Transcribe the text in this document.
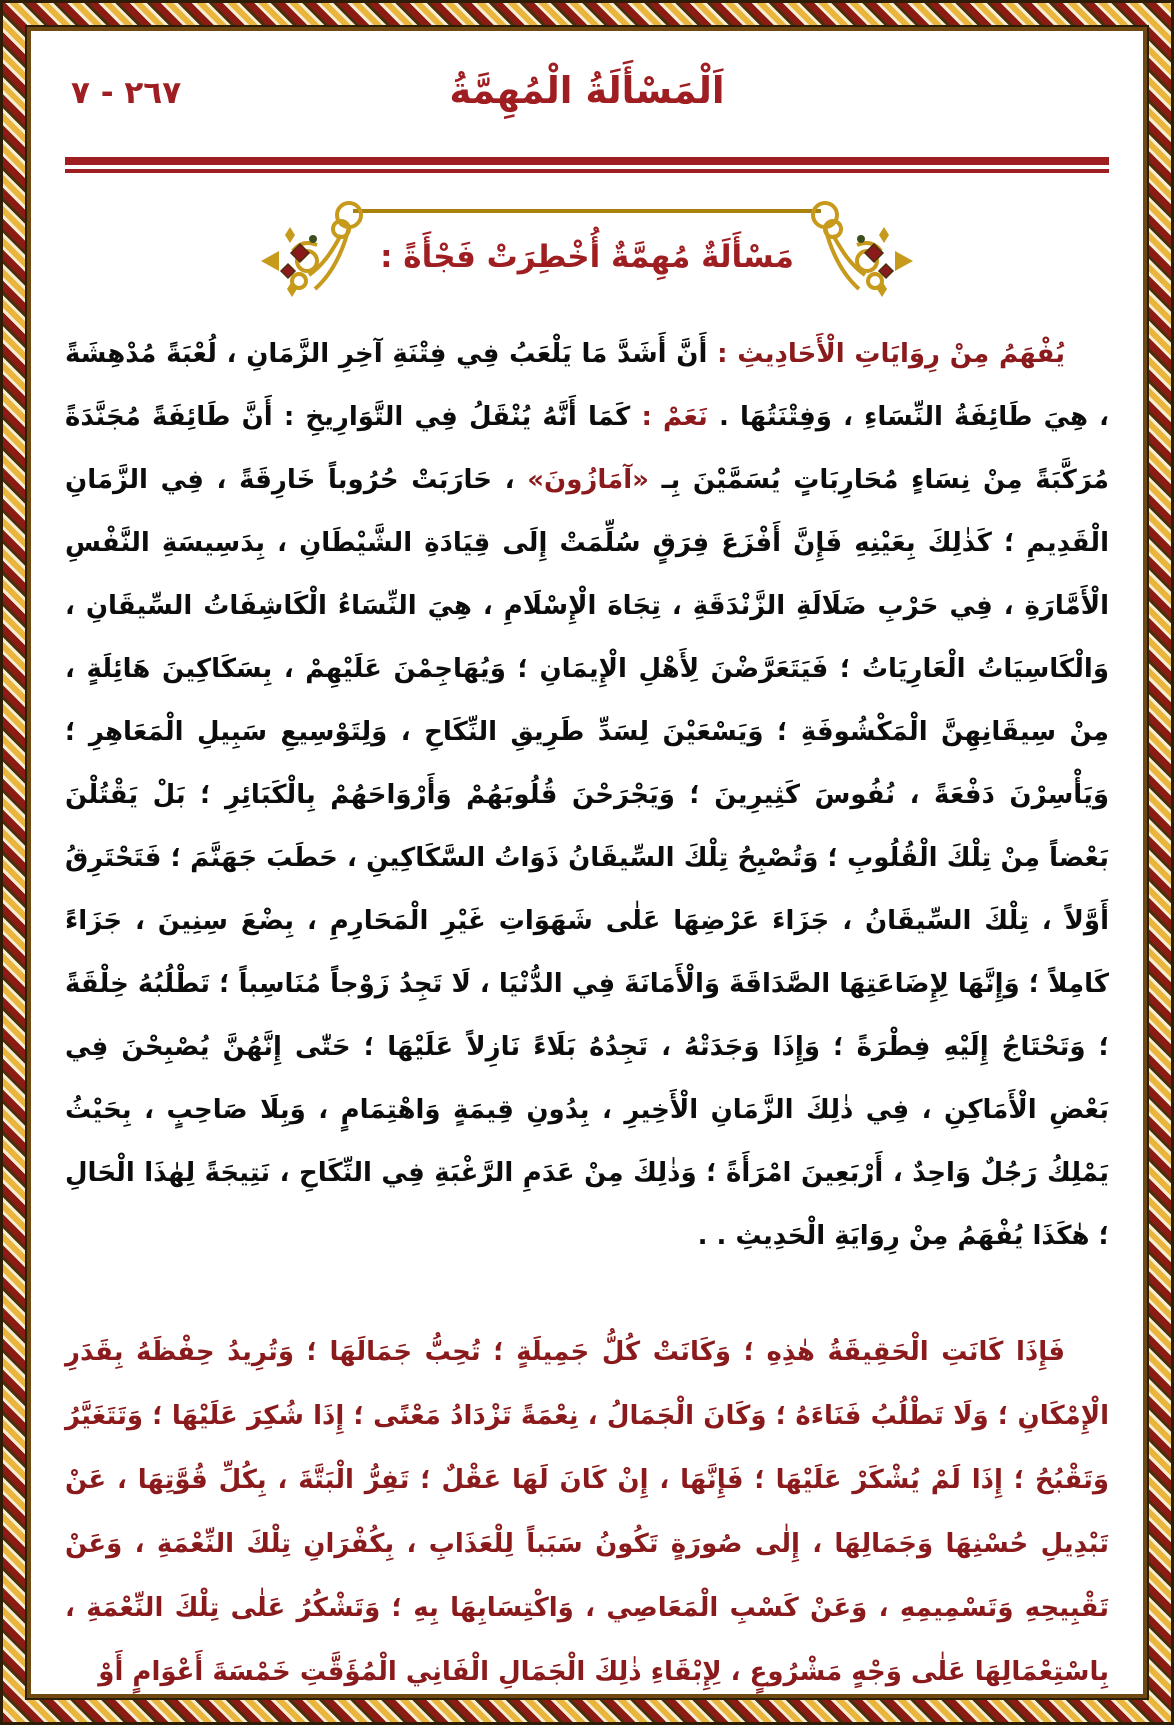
٢٦٧ - ٧	اَلْمَسْأَلَةُ الْمُهِمَّةُ
مَسْأَلَةٌ مُهِمَّةٌ أُخْطِرَتْ فَجْأَةً :

يُفْهَمُ مِنْ رِوَايَاتِ الْأَحَادِيثِ : أَنَّ أَشَدَّ مَا يَلْعَبُ فِي فِتْنَةِ آخِرِ الزَّمَانِ ، لُعْبَةً مُدْهِشَةً ، هِيَ طَائِفَةُ النِّسَاءِ ، وَفِتْنَتُهَا . نَعَمْ : كَمَا أَنَّهُ يُنْقَلُ فِي التَّوَارِيخِ : أَنَّ طَائِفَةً مُجَنَّدَةً مُرَكَّبَةً مِنْ نِسَاءٍ مُحَارِبَاتٍ يُسَمَّيْنَ بِـ «آمَازُونَ» ، حَارَبَتْ حُرُوباً خَارِقَةً ، فِي الزَّمَانِ الْقَدِيمِ ؛ كَذٰلِكَ بِعَيْنِهِ فَإِنَّ أَفْزَعَ فِرَقٍ سُلِّمَتْ إِلَى قِيَادَةِ الشَّيْطَانِ ، بِدَسِيسَةِ النَّفْسِ الْأَمَّارَةِ ، فِي حَرْبِ ضَلَالَةِ الزَّنْدَقَةِ ، تِجَاهَ الْإِسْلَامِ ، هِيَ النِّسَاءُ الْكَاشِفَاتُ السِّيقَانِ ، وَالْكَاسِيَاتُ الْعَارِيَاتُ ؛ فَيَتَعَرَّضْنَ لِأَهْلِ الْإِيمَانِ ؛ وَيُهَاجِمْنَ عَلَيْهِمْ ، بِسَكَاكِينَ هَائِلَةٍ ، مِنْ سِيقَانِهِنَّ الْمَكْشُوفَةِ ؛ وَيَسْعَيْنَ لِسَدِّ طَرِيقِ النِّكَاحِ ، وَلِتَوْسِيعِ سَبِيلِ الْمَعَاهِرِ ؛ وَيَأْسِرْنَ دَفْعَةً ، نُفُوسَ كَثِيرِينَ ؛ وَيَجْرَحْنَ قُلُوبَهُمْ وَأَرْوَاحَهُمْ بِالْكَبَائِرِ ؛ بَلْ يَقْتُلْنَ بَعْضاً مِنْ تِلْكَ الْقُلُوبِ ؛ وَتُصْبِحُ تِلْكَ السِّيقَانُ ذَوَاتُ السَّكَاكِينِ ، حَطَبَ جَهَنَّمَ ؛ فَتَحْتَرِقُ أَوَّلاً ، تِلْكَ السِّيقَانُ ، جَزَاءَ عَرْضِهَا عَلٰى شَهَوَاتِ غَيْرِ الْمَحَارِمِ ، بِضْعَ سِنِينَ ، جَزَاءً كَامِلاً ؛ وَإِنَّهَا لِإِضَاعَتِهَا الصَّدَاقَةَ وَالْأَمَانَةَ فِي الدُّنْيَا ، لَا تَجِدُ زَوْجاً مُنَاسِباً ؛ تَطْلُبُهُ خِلْقَةً ؛ وَتَحْتَاجُ إِلَيْهِ فِطْرَةً ؛ وَإِذَا وَجَدَتْهُ ، تَجِدُهُ بَلَاءً نَازِلاً عَلَيْهَا ؛ حَتّٰى إِنَّهُنَّ يُصْبِحْنَ فِي بَعْضِ الْأَمَاكِنِ ، فِي ذٰلِكَ الزَّمَانِ الْأَخِيرِ ، بِدُونِ قِيمَةٍ وَاهْتِمَامٍ ، وَبِلَا صَاحِبٍ ، بِحَيْثُ يَمْلِكُ رَجُلٌ وَاحِدٌ ، أَرْبَعِينَ امْرَأَةً ؛ وَذٰلِكَ مِنْ عَدَمِ الرَّغْبَةِ فِي النِّكَاحِ ، نَتِيجَةً لِهٰذَا الْحَالِ ؛ هٰكَذَا يُفْهَمُ مِنْ رِوَايَةِ الْحَدِيثِ . .

فَإِذَا كَانَتِ الْحَقِيقَةُ هٰذِهِ ؛ وَكَانَتْ كُلُّ جَمِيلَةٍ ؛ تُحِبُّ جَمَالَهَا ؛ وَتُرِيدُ حِفْظَهُ بِقَدَرِ الْإِمْكَانِ ؛ وَلَا تَطْلُبُ فَنَاءَهُ ؛ وَكَانَ الْجَمَالُ ، نِعْمَةً تَزْدَادُ مَعْنًى ؛ إِذَا شُكِرَ عَلَيْهَا ؛ وَتَتَغَيَّرُ وَتَقْبُحُ ؛ إِذَا لَمْ يُشْكَرْ عَلَيْهَا ؛ فَإِنَّهَا ، إِنْ كَانَ لَهَا عَقْلٌ ؛ تَفِرُّ الْبَتَّةَ ، بِكُلِّ قُوَّتِهَا ، عَنْ تَبْدِيلِ حُسْنِهَا وَجَمَالِهَا ، إِلٰى صُورَةٍ تَكُونُ سَبَباً لِلْعَذَابِ ، بِكُفْرَانِ تِلْكَ النِّعْمَةِ ، وَعَنْ تَقْبِيحِهِ وَتَسْمِيمِهِ ، وَعَنْ كَسْبِ الْمَعَاصِي ، وَاكْتِسَابِهَا بِهِ ؛ وَتَشْكُرُ عَلٰى تِلْكَ النِّعْمَةِ ، بِاسْتِعْمَالِهَا عَلٰى وَجْهٍ مَشْرُوعٍ ، لِإِبْقَاءِ ذٰلِكَ الْجَمَالِ الْفَانِي الْمُؤَقَّتِ خَمْسَةَ أَعْوَامٍ أَوْ
